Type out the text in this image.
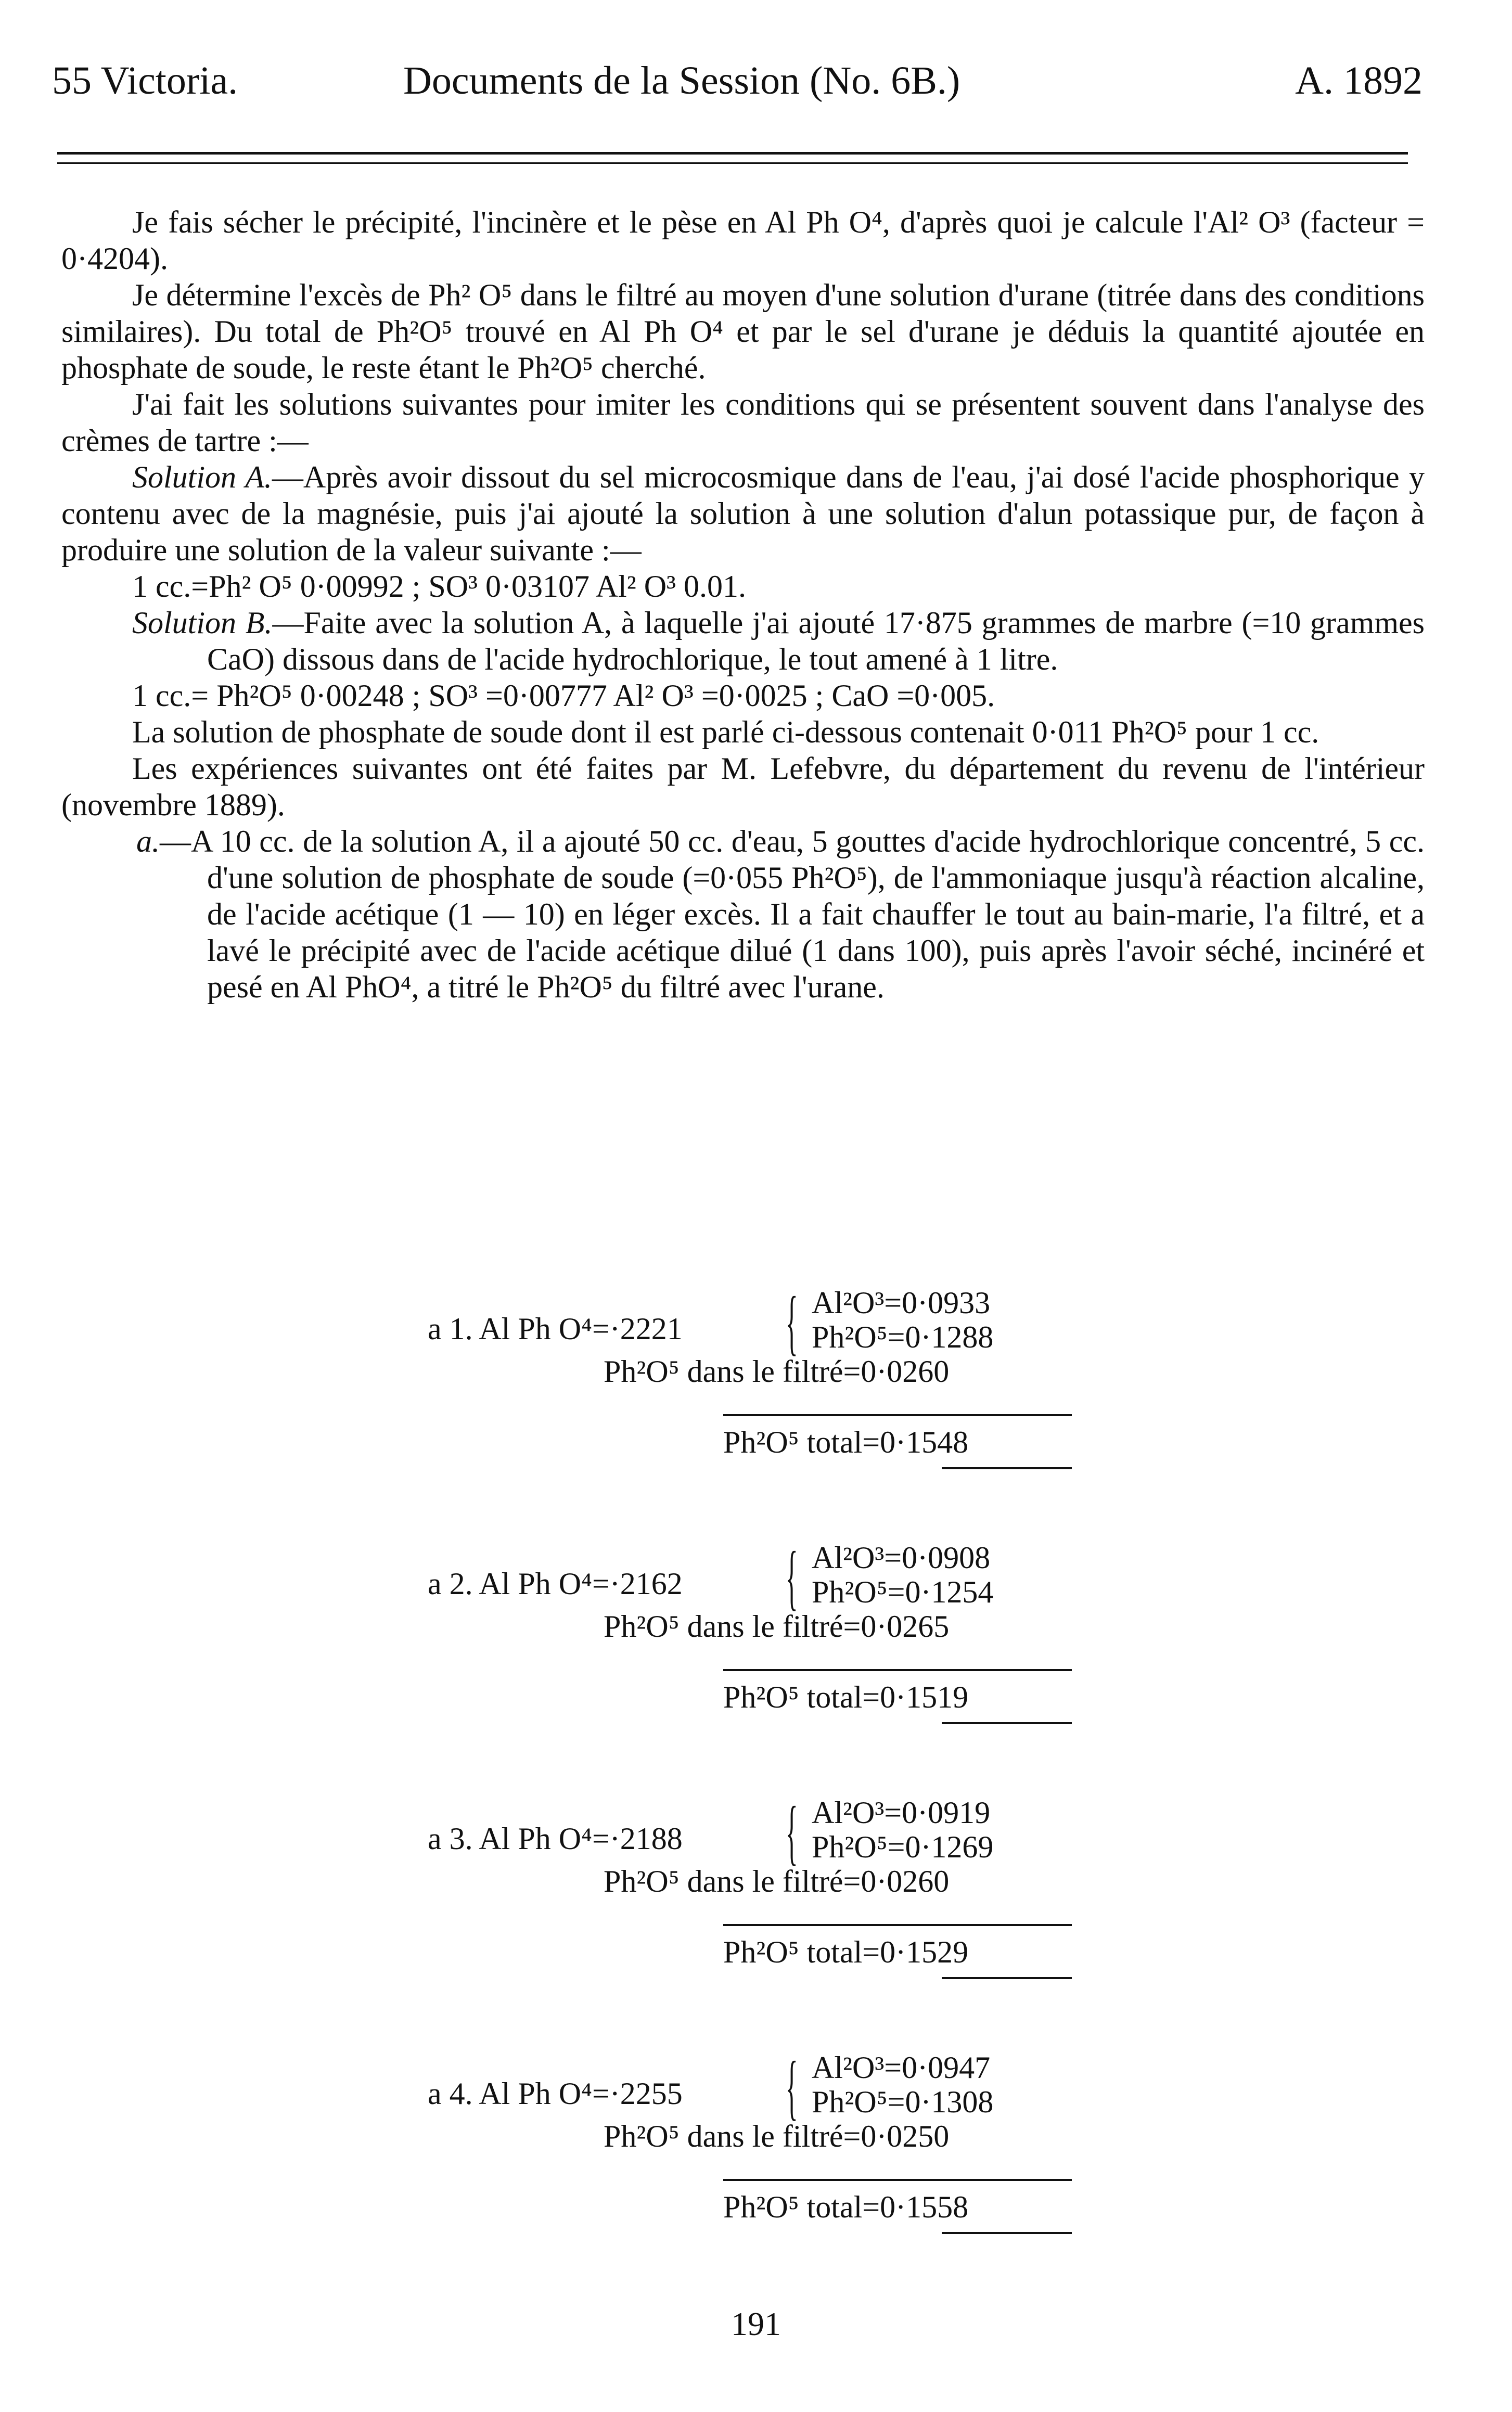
55 Victoria.	Documents de la Session (No. 6B.)	A. 1892

Je fais sécher le précipité, l'incinère et le pèse en Al Ph O⁴, d'après quoi je calcule l'Al² O³ (facteur = 0·4204).

Je détermine l'excès de Ph² O⁵ dans le filtré au moyen d'une solution d'urane (titrée dans des conditions similaires). Du total de Ph²O⁵ trouvé en Al Ph O⁴ et par le sel d'urane je déduis la quantité ajoutée en phosphate de soude, le reste étant le Ph²O⁵ cherché.

J'ai fait les solutions suivantes pour imiter les conditions qui se présentent souvent dans l'analyse des crèmes de tartre :—

Solution A.—Après avoir dissout du sel microcosmique dans de l'eau, j'ai dosé l'acide phosphorique y contenu avec de la magnésie, puis j'ai ajouté la solution à une solution d'alun potassique pur, de façon à produire une solution de la valeur suivante :—

1 cc.=Ph² O⁵ 0·00992 ; SO³ 0·03107 Al² O³ 0.01.

Solution B.—Faite avec la solution A, à laquelle j'ai ajouté 17·875 grammes de marbre (=10 grammes CaO) dissous dans de l'acide hydrochlorique, le tout amené à 1 litre.

1 cc.= Ph²O⁵ 0·00248 ; SO³ =0·00777 Al² O³ =0·0025 ; CaO =0·005.

La solution de phosphate de soude dont il est parlé ci-dessous contenait 0·011 Ph²O⁵ pour 1 cc.

Les expériences suivantes ont été faites par M. Lefebvre, du département du revenu de l'intérieur (novembre 1889).

a.—A 10 cc. de la solution A, il a ajouté 50 cc. d'eau, 5 gouttes d'acide hydrochlorique concentré, 5 cc. d'une solution de phosphate de soude (=0·055 Ph²O⁵), de l'ammoniaque jusqu'à réaction alcaline, de l'acide acétique (1 — 10) en léger excès. Il a fait chauffer le tout au bain-marie, l'a filtré, et a lavé le précipité avec de l'acide acétique dilué (1 dans 100), puis après l'avoir séché, incinéré et pesé en Al PhO⁴, a titré le Ph²O⁵ du filtré avec l'urane.

a 1. Al Ph O⁴=·2221 { Al²O³=0·0933
Ph²O⁵=0·1288
Ph²O⁵ dans le filtré=0·0260
Ph²O⁵ total=0·1548
a 2. Al Ph O⁴=·2162 { Al²O³=0·0908
Ph²O⁵=0·1254
Ph²O⁵ dans le filtré=0·0265
Ph²O⁵ total=0·1519
a 3. Al Ph O⁴=·2188 { Al²O³=0·0919
Ph²O⁵=0·1269
Ph²O⁵ dans le filtré=0·0260
Ph²O⁵ total=0·1529
a 4. Al Ph O⁴=·2255 { Al²O³=0·0947
Ph²O⁵=0·1308
Ph²O⁵ dans le filtré=0·0250
Ph²O⁵ total=0·1558
191
